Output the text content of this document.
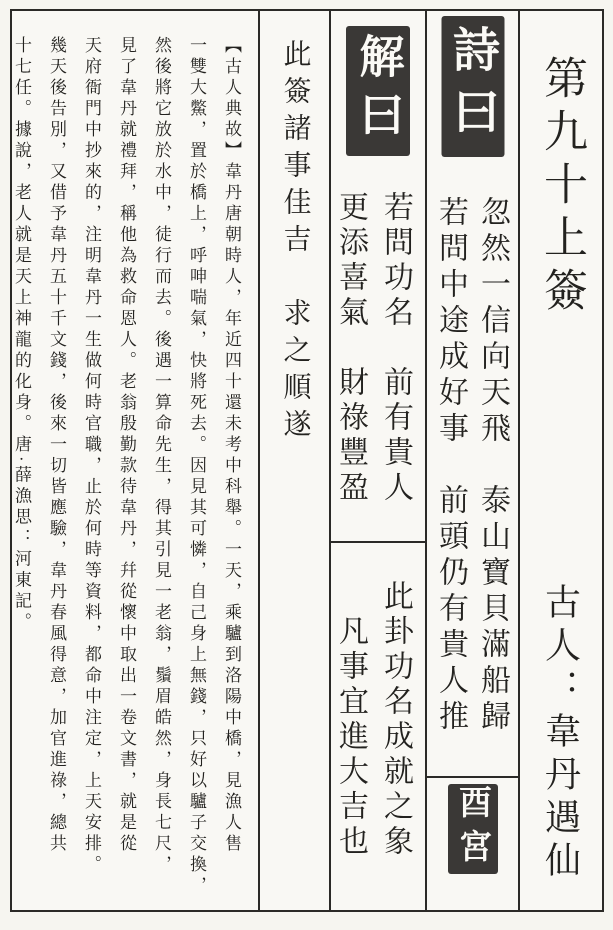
【古人典故】韋丹唐朝時人，年近四十還未考中科舉。一天，乘驢到洛陽中橋，見漁人售

一雙大鱉，置於橋上，呼呻喘氣，快將死去。因見其可憐，自己身上無錢，只好以驢子交換，

然後將它放於水中，徒行而去。後遇一算命先生，得其引見一老翁，鬚眉皓然，身長七尺，

見了韋丹就禮拜，稱他為救命恩人。老翁殷勤款待韋丹，幷從懷中取出一卷文書，就是從

天府衙門中抄來的，注明韋丹一生做何時官職，止於何時等資料，都命中注定，上天安排。

幾天後告別，又借予韋丹五十千文錢，後來一切皆應驗，韋丹春風得意，加官進祿，總共

十七任。據說，老人就是天上神龍的化身。唐·薛漁思：河東記。	此簽諸事佳吉　求之順遂 解曰

若問功名　前有貴人

更添喜氣　財祿豐盈

此卦功名成就之象

凡事宜進大吉也

詩曰

忽然一信向天飛　泰山寶貝滿船歸

若問中途成好事　前頭仍有貴人推

酉宮
第九十上簽
古人：韋丹遇仙
